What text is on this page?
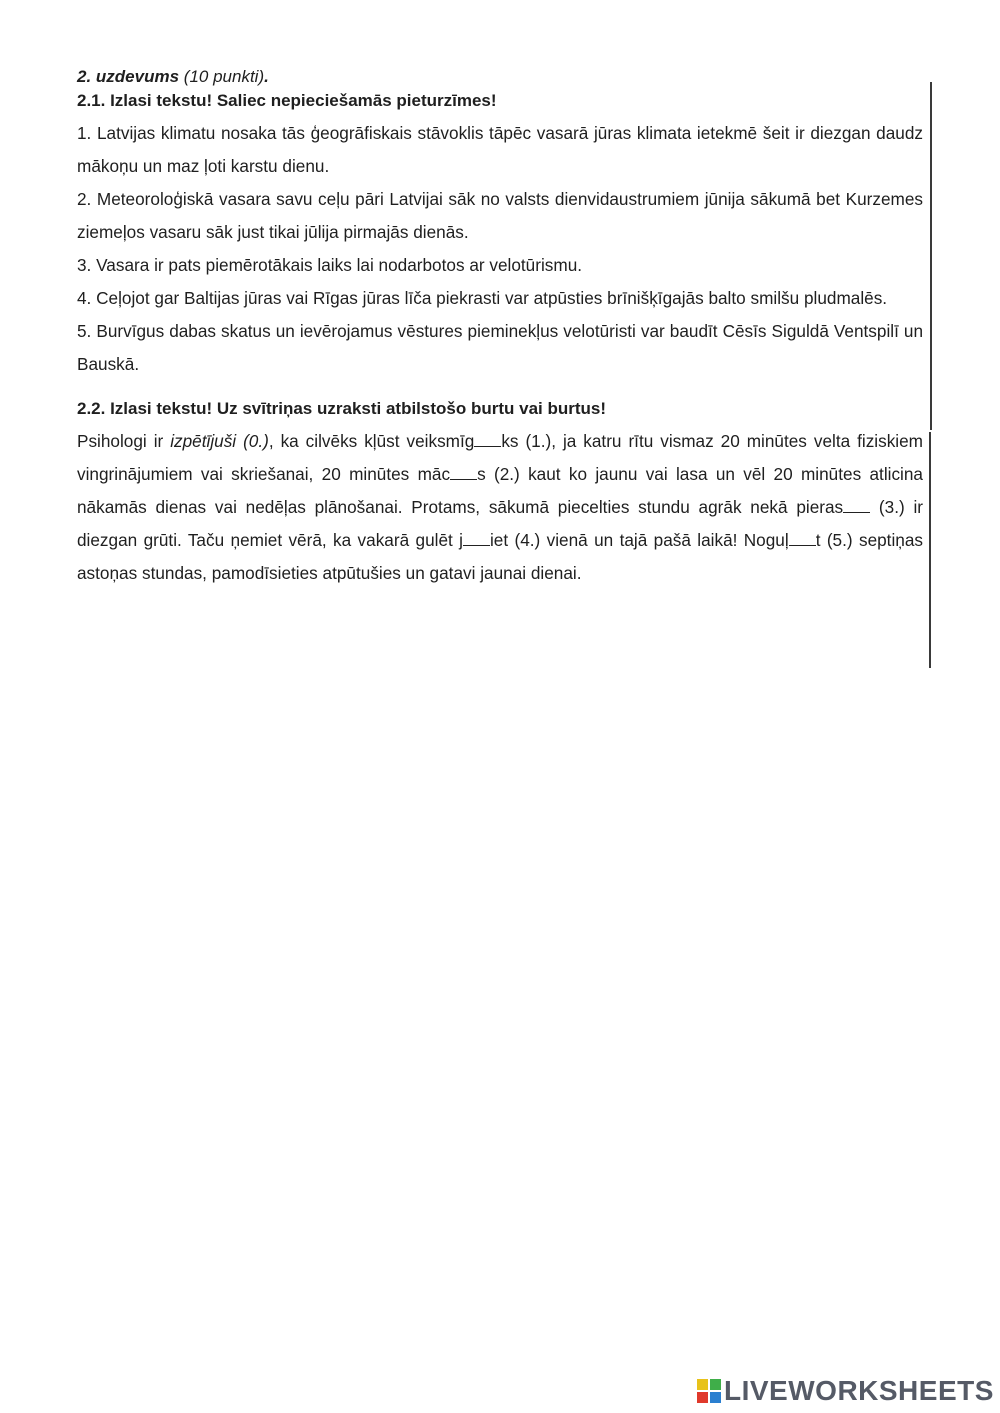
2. uzdevums (10 punkti).
2.1. Izlasi tekstu! Saliec nepieciešamās pieturzīmes!
1. Latvijas klimatu nosaka tās ģeogrāfiskais stāvoklis tāpēc vasarā jūras klimata ietekmē šeit ir diezgan daudz mākoņu un maz ļoti karstu dienu.
2. Meteoroloģiskā vasara savu ceļu pāri Latvijai sāk no valsts dienvidaustrumiem jūnija sākumā bet Kurzemes ziemeļos vasaru sāk just tikai jūlija pirmajās dienās.
3. Vasara ir pats piemērotākais laiks lai nodarbotos ar velotūrismu.
4. Ceļojot gar Baltijas jūras vai Rīgas jūras līča piekrasti var atpūsties brīnišķīgajās balto smilšu pludmalēs.
5. Burvīgus dabas skatus un ievērojamus vēstures pieminekļus velotūristi var baudīt Cēsīs Siguldā Ventspilī un Bauskā.
2.2. Izlasi tekstu! Uz svītriņas uzraksti atbilstošo burtu vai burtus!
Psihologi ir izpētījuši (0.), ka cilvēks kļūst veiksmīg ks (1.), ja katru rītu vismaz 20 minūtes velta fiziskiem vingrinājumiem vai skriešanai, 20 minūtes māc s (2.) kaut ko jaunu vai lasa un vēl 20 minūtes atlicina nākamās dienas vai nedēļas plānošanai. Protams, sākumā piecelties stundu agrāk nekā pieras (3.) ir diezgan grūti. Taču ņemiet vērā, ka vakarā gulēt j iet (4.) vienā un tajā pašā laikā! Noguļ t (5.) septiņas astoņas stundas, pamodīsieties atpūtušies un gatavi jaunai dienai.
LIVEWORKSHEETS
